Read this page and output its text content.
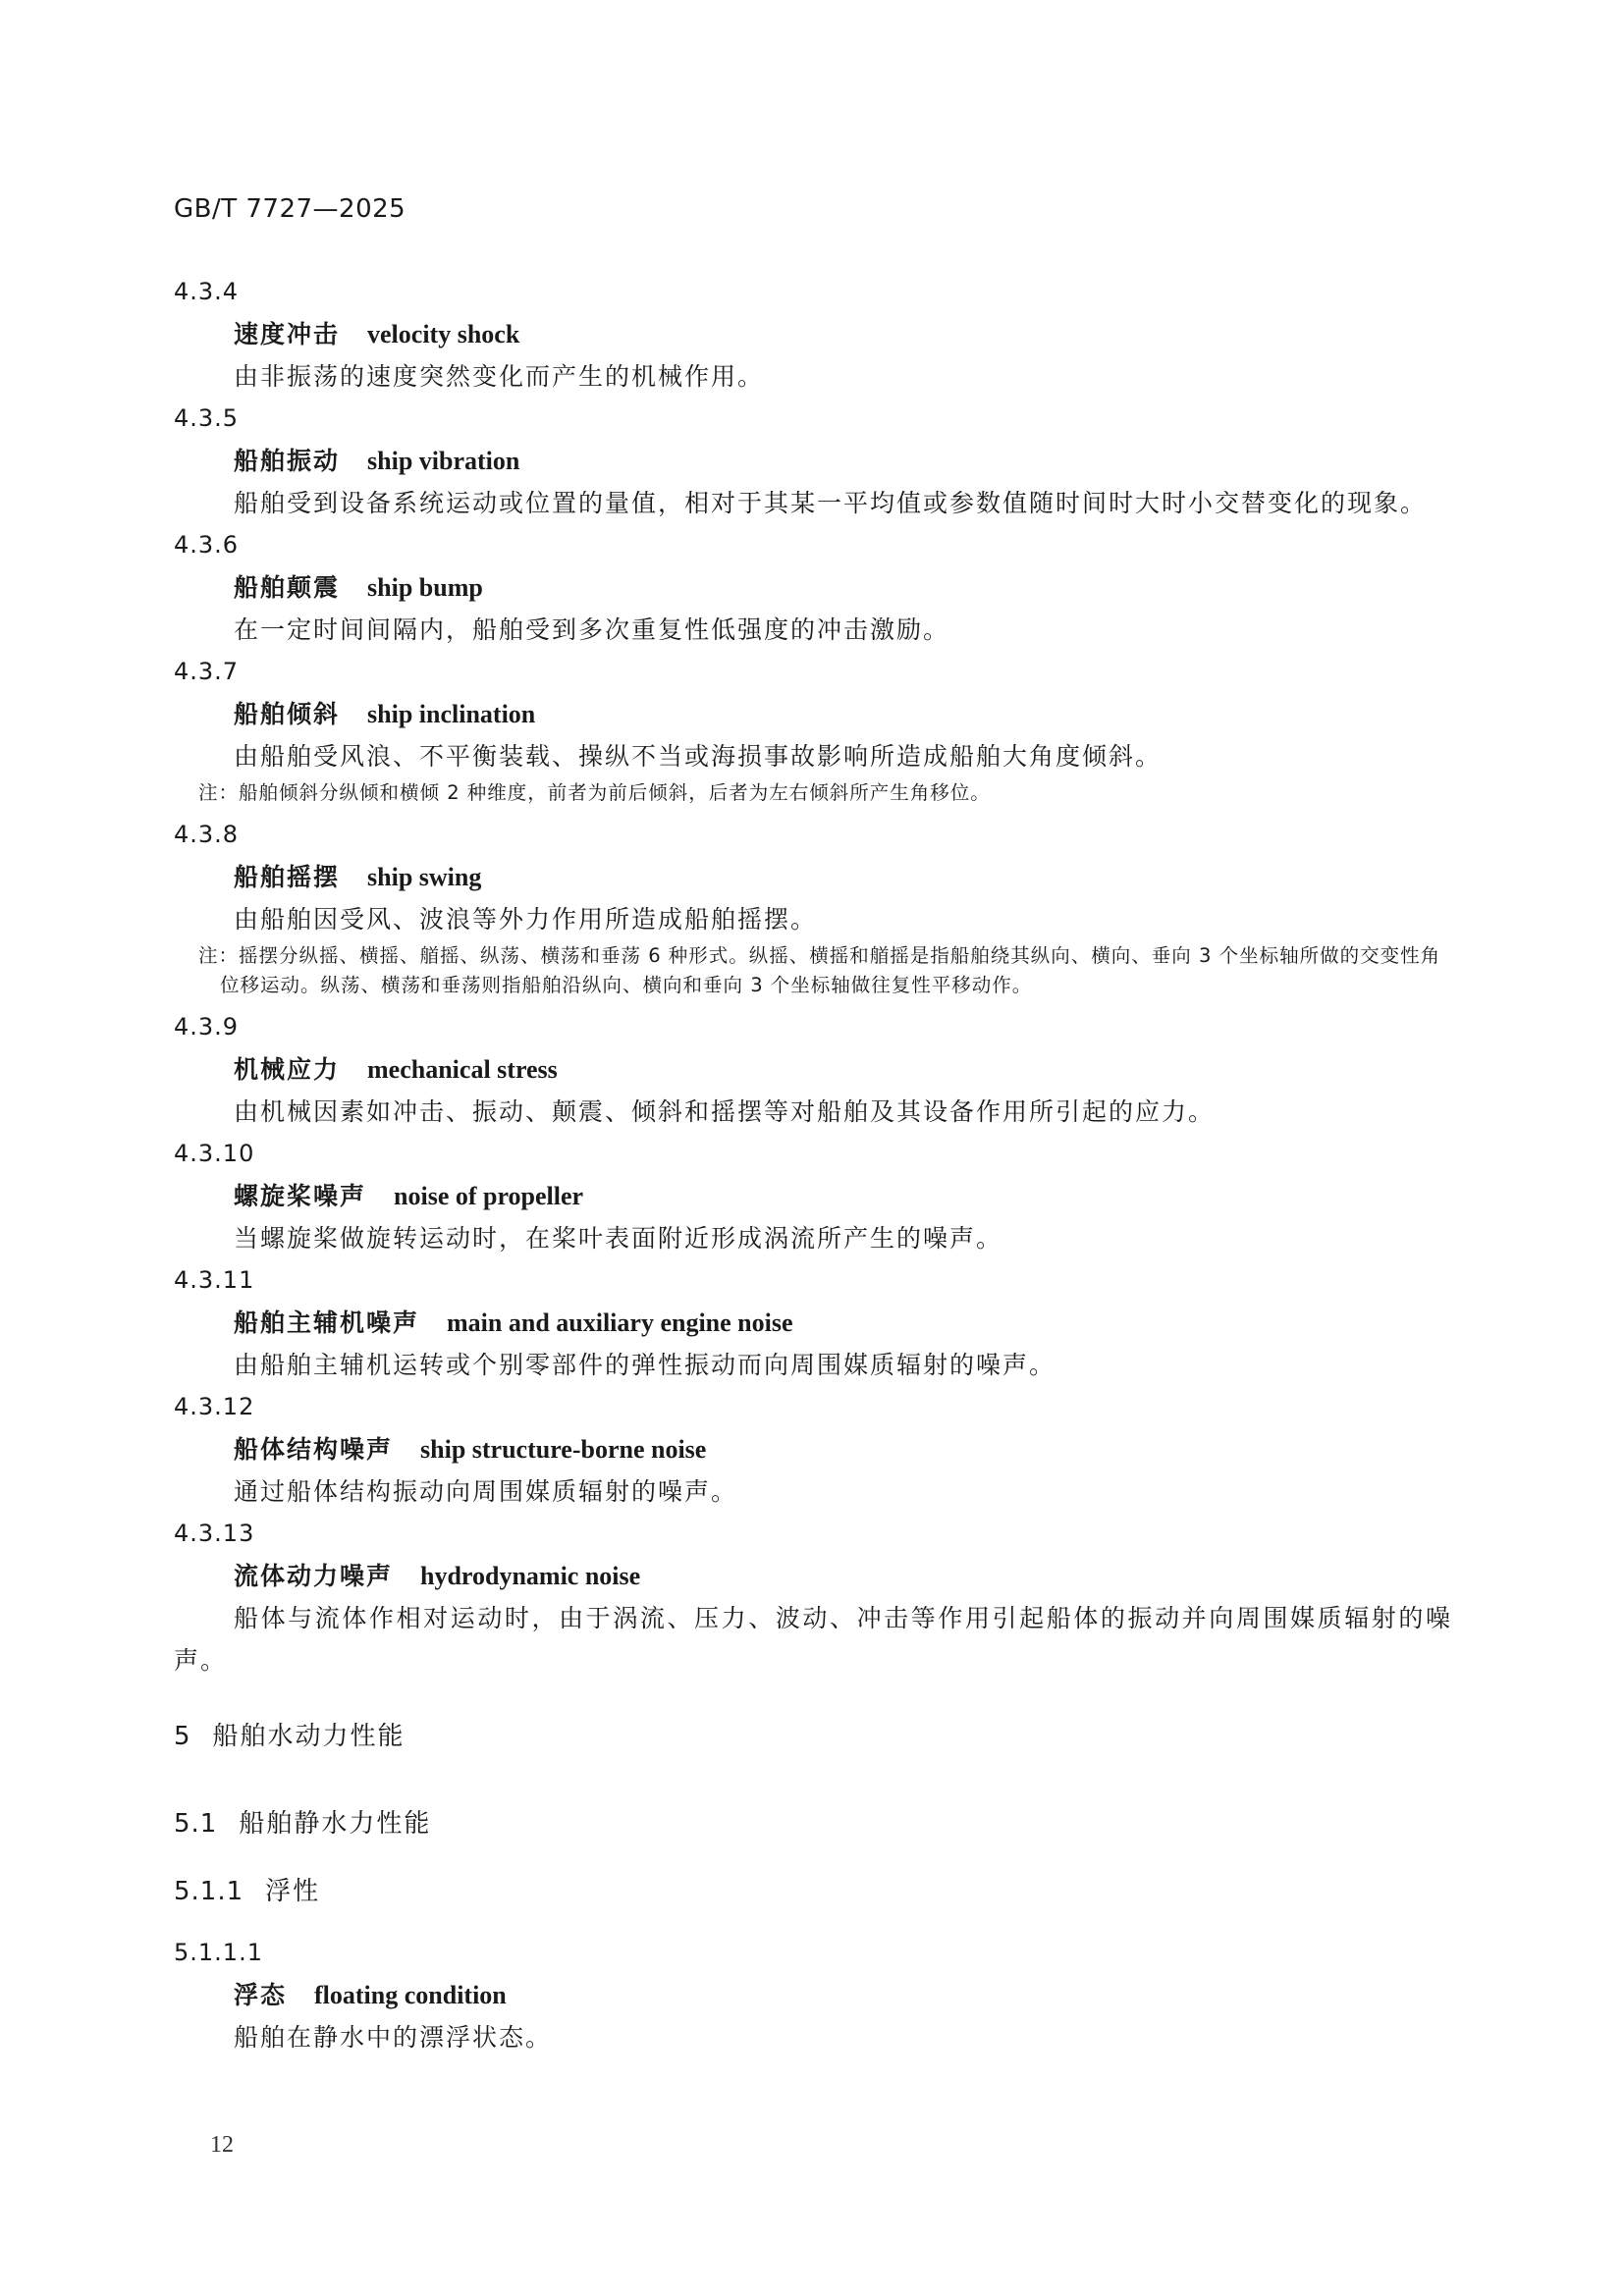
GB/T 7727—2025
4.3.4
速度冲击 velocity shock
由非振荡的速度突然变化而产生的机械作用。
4.3.5
船舶振动 ship vibration
船舶受到设备系统运动或位置的量值，相对于其某一平均值或参数值随时间时大时小交替变化的现象。
4.3.6
船舶颠震 ship bump
在一定时间间隔内，船舶受到多次重复性低强度的冲击激励。
4.3.7
船舶倾斜 ship inclination
由船舶受风浪、不平衡装载、操纵不当或海损事故影响所造成船舶大角度倾斜。
注：船舶倾斜分纵倾和横倾 2 种维度，前者为前后倾斜，后者为左右倾斜所产生角移位。
4.3.8
船舶摇摆 ship swing
由船舶因受风、波浪等外力作用所造成船舶摇摆。
注：摇摆分纵摇、横摇、艏摇、纵荡、横荡和垂荡 6 种形式。纵摇、横摇和艏摇是指船舶绕其纵向、横向、垂向 3 个坐标轴所做的交变性角位移运动。纵荡、横荡和垂荡则指船舶沿纵向、横向和垂向 3 个坐标轴做往复性平移动作。
4.3.9
机械应力 mechanical stress
由机械因素如冲击、振动、颠震、倾斜和摇摆等对船舶及其设备作用所引起的应力。
4.3.10
螺旋桨噪声 noise of propeller
当螺旋桨做旋转运动时，在桨叶表面附近形成涡流所产生的噪声。
4.3.11
船舶主辅机噪声 main and auxiliary engine noise
由船舶主辅机运转或个别零部件的弹性振动而向周围媒质辐射的噪声。
4.3.12
船体结构噪声 ship structure-borne noise
通过船体结构振动向周围媒质辐射的噪声。
4.3.13
流体动力噪声 hydrodynamic noise
船体与流体作相对运动时，由于涡流、压力、波动、冲击等作用引起船体的振动并向周围媒质辐射的噪声。
5 船舶水动力性能
5.1 船舶静水力性能
5.1.1 浮性
5.1.1.1
浮态 floating condition
船舶在静水中的漂浮状态。
12
